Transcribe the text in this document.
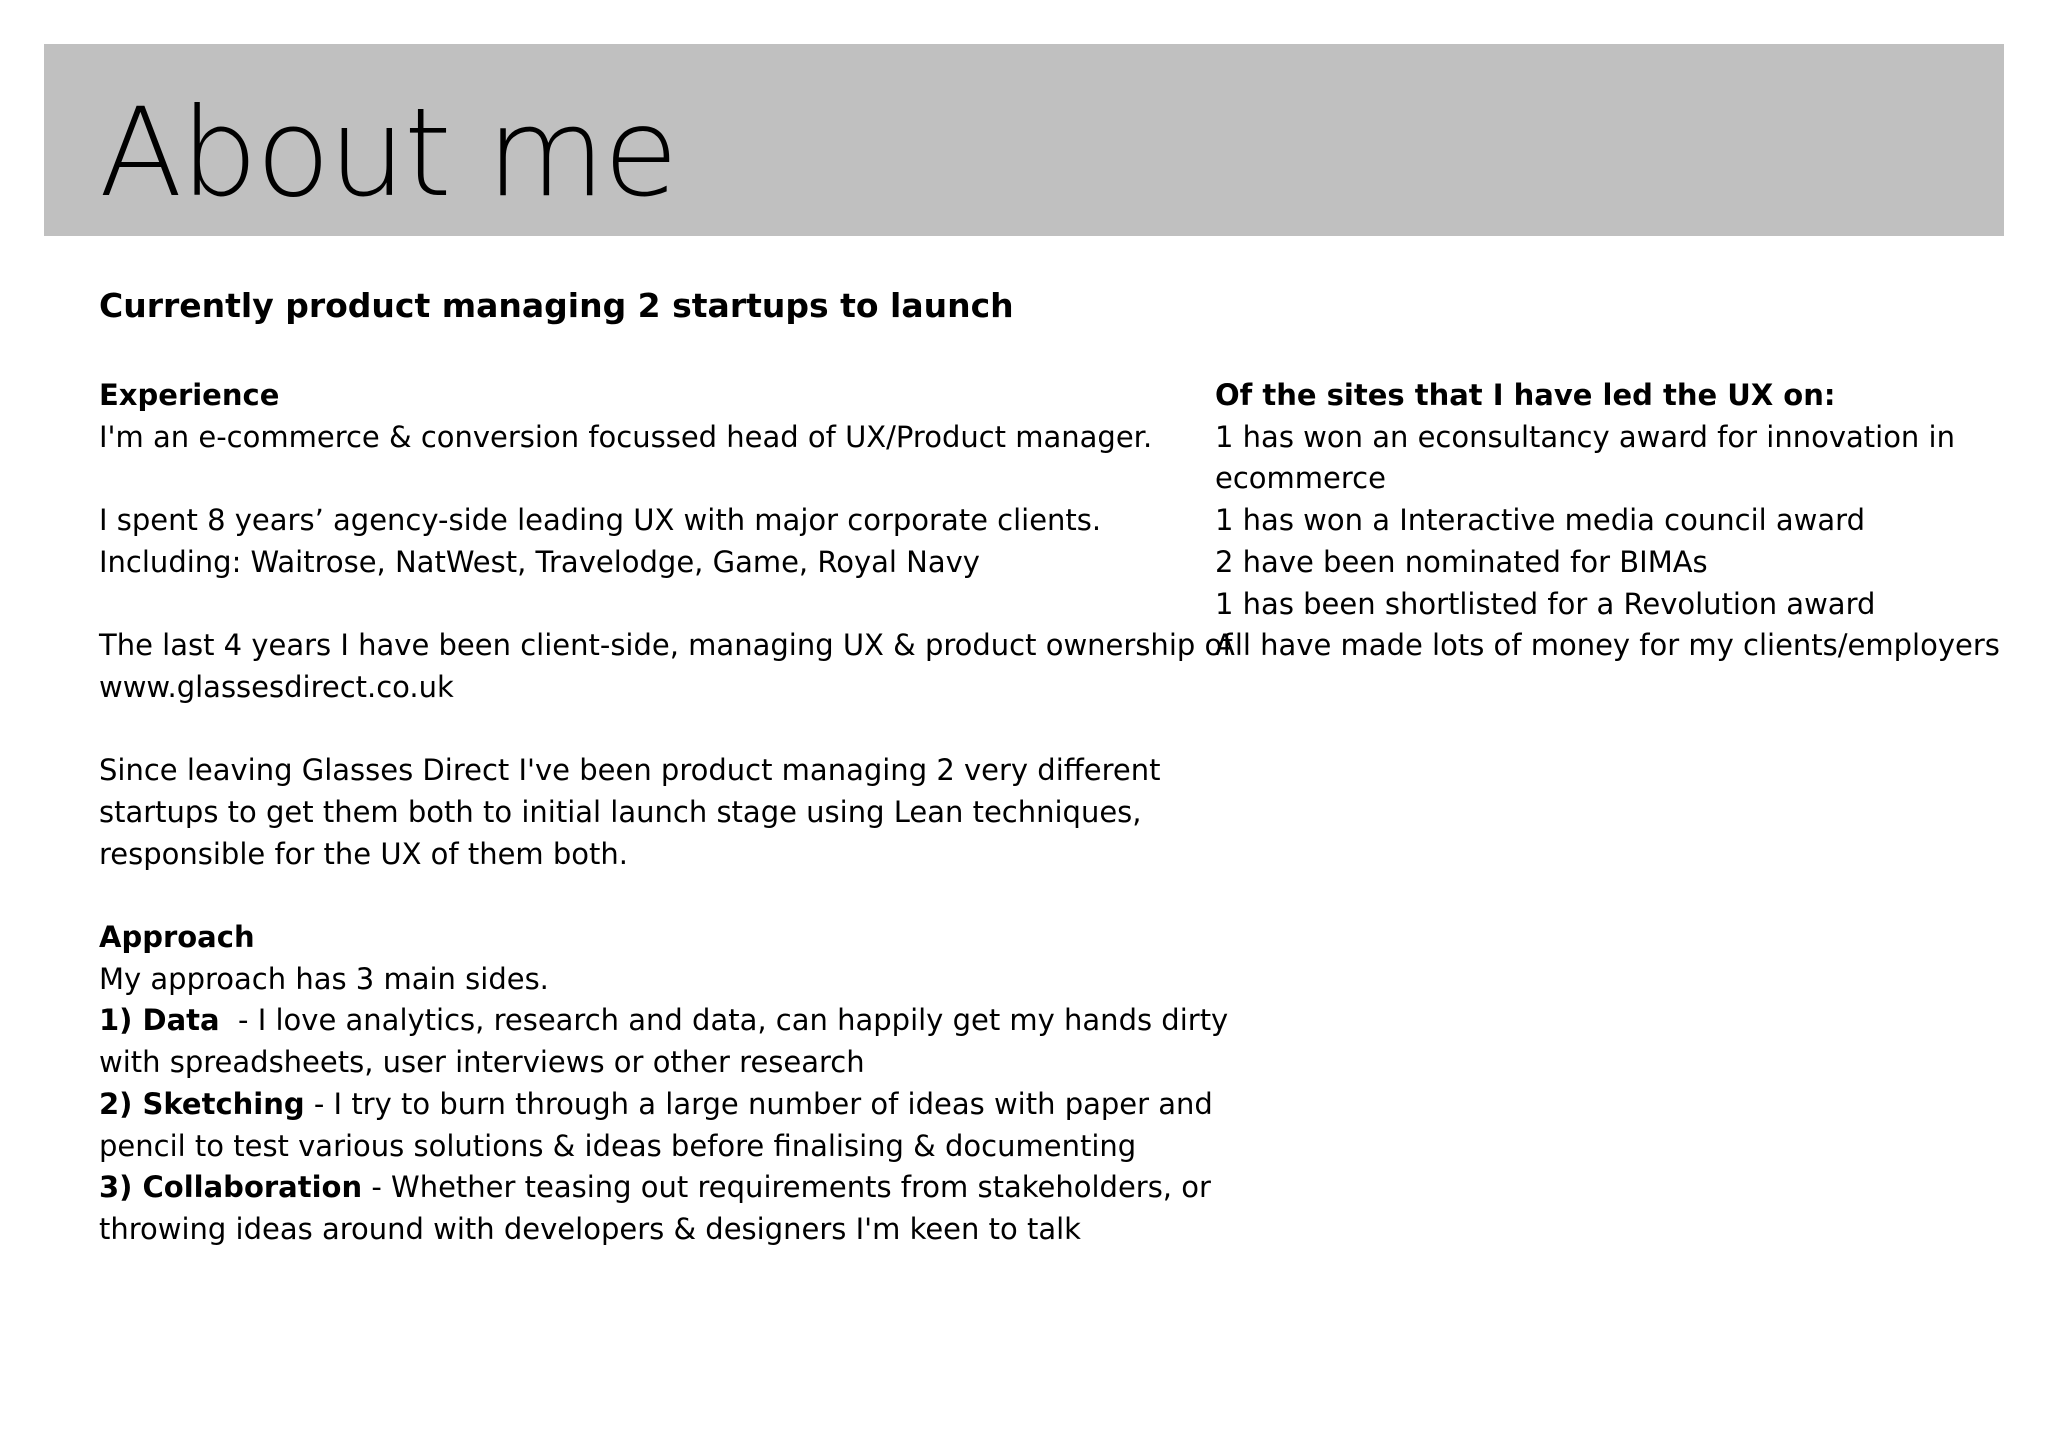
About me
Currently product managing 2 startups to launch
Experience
I'm an e-commerce & conversion focussed head of UX/Product manager.
I spent 8 years’ agency-side leading UX with major corporate clients.
Including: Waitrose, NatWest, Travelodge, Game, Royal Navy
The last 4 years I have been client-side, managing UX & product ownership of
www.glassesdirect.co.uk
Since leaving Glasses Direct I've been product managing 2 very different
startups to get them both to initial launch stage using Lean techniques,
responsible for the UX of them both.
Approach
My approach has 3 main sides.
1) Data  - I love analytics, research and data, can happily get my hands dirty
with spreadsheets, user interviews or other research
2) Sketching - I try to burn through a large number of ideas with paper and
pencil to test various solutions & ideas before finalising & documenting
3) Collaboration - Whether teasing out requirements from stakeholders, or
throwing ideas around with developers & designers I'm keen to talk
Of the sites that I have led the UX on:
1 has won an econsultancy award for innovation in
ecommerce
1 has won a Interactive media council award
2 have been nominated for BIMAs
1 has been shortlisted for a Revolution award
All have made lots of money for my clients/employers
